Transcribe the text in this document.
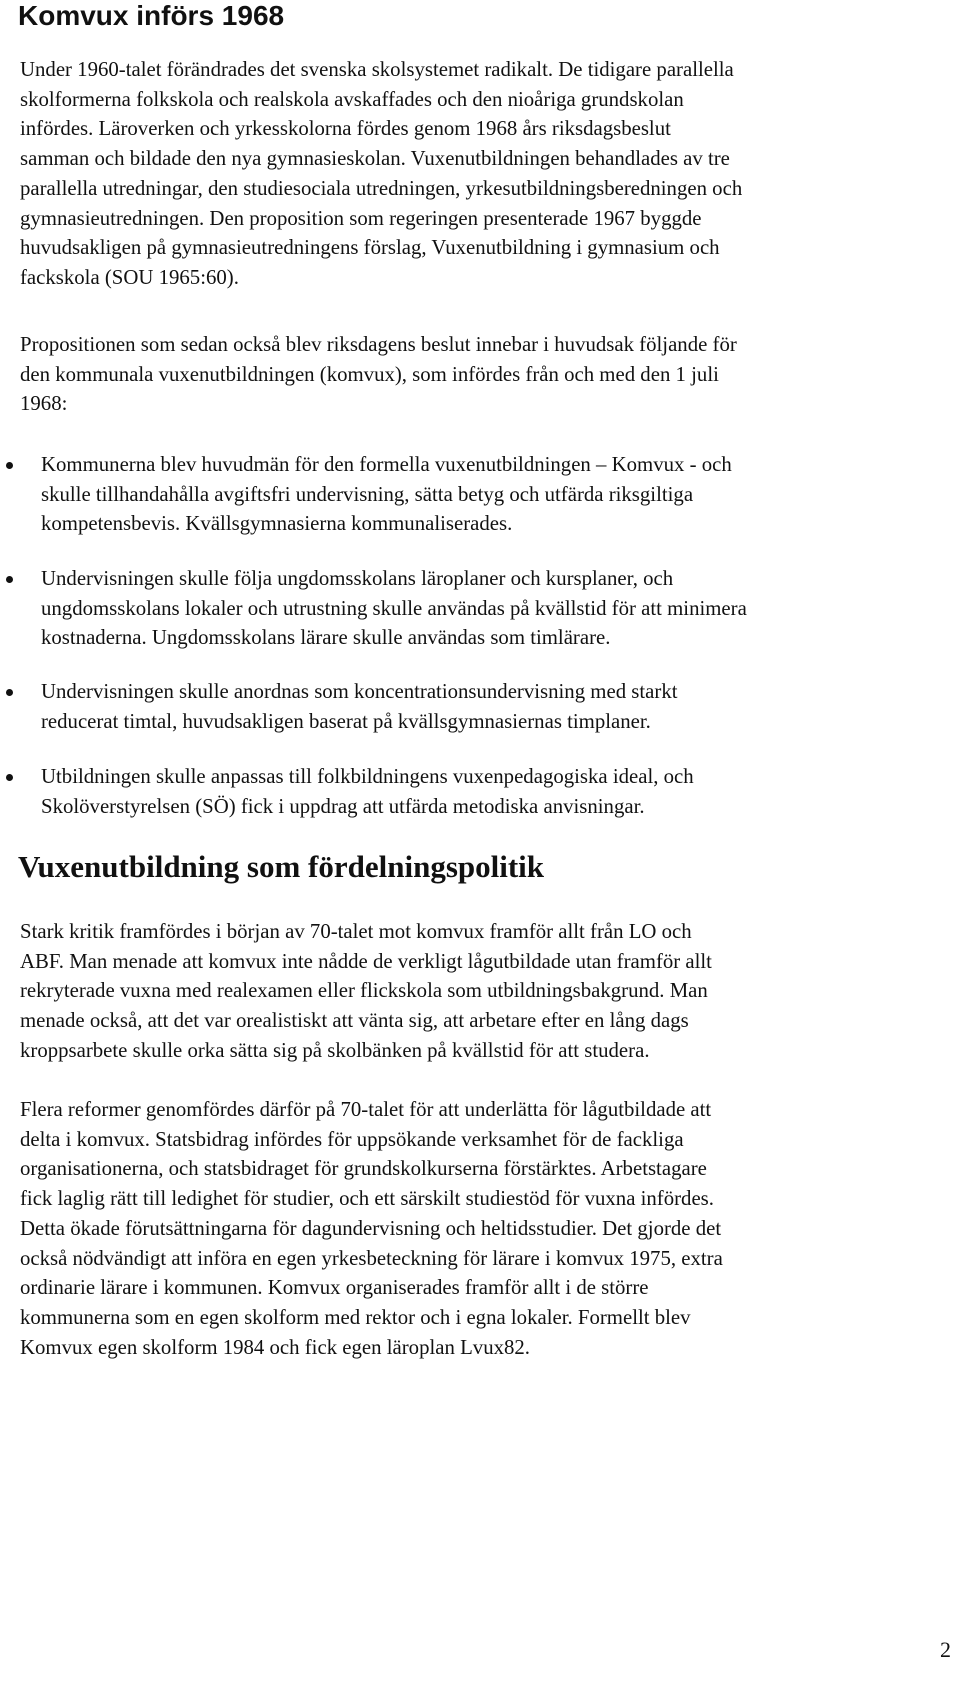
Komvux införs 1968

Under 1960-talet förändrades det svenska skolsystemet radikalt. De tidigare parallella
skolformerna folkskola och realskola avskaffades och den nioåriga grundskolan
infördes. Läroverken och yrkesskolorna fördes genom 1968 års riksdagsbeslut
samman och bildade den nya gymnasieskolan. Vuxenutbildningen behandlades av tre
parallella utredningar, den studiesociala utredningen, yrkesutbildningsberedningen och
gymnasieutredningen. Den proposition som regeringen presenterade 1967 byggde
huvudsakligen på gymnasieutredningens förslag, Vuxenutbildning i gymnasium och
fackskola (SOU 1965:60).

Propositionen som sedan också blev riksdagens beslut innebar i huvudsak följande för
den kommunala vuxenutbildningen (komvux), som infördes från och med den 1 juli
1968:

Kommunerna blev huvudmän för den formella vuxenutbildningen – Komvux - och
skulle tillhandahålla avgiftsfri undervisning, sätta betyg och utfärda riksgiltiga
kompetensbevis. Kvällsgymnasierna kommunaliserades.
Undervisningen skulle följa ungdomsskolans läroplaner och kursplaner, och
ungdomsskolans lokaler och utrustning skulle användas på kvällstid för att minimera
kostnaderna. Ungdomsskolans lärare skulle användas som timlärare.
Undervisningen skulle anordnas som koncentrationsundervisning med starkt
reducerat timtal, huvudsakligen baserat på kvällsgymnasiernas timplaner.
Utbildningen skulle anpassas till folkbildningens vuxenpedagogiska ideal, och
Skolöverstyrelsen (SÖ) fick i uppdrag att utfärda metodiska anvisningar.
Vuxenutbildning som fördelningspolitik

Stark kritik framfördes i början av 70-talet mot komvux framför allt från LO och
ABF. Man menade att komvux inte nådde de verkligt lågutbildade utan framför allt
rekryterade vuxna med realexamen eller flickskola som utbildningsbakgrund. Man
menade också, att det var orealistiskt att vänta sig, att arbetare efter en lång dags
kroppsarbete skulle orka sätta sig på skolbänken på kvällstid för att studera.

Flera reformer genomfördes därför på 70-talet för att underlätta för lågutbildade att
delta i komvux. Statsbidrag infördes för uppsökande verksamhet för de fackliga
organisationerna, och statsbidraget för grundskolkurserna förstärktes. Arbetstagare
fick laglig rätt till ledighet för studier, och ett särskilt studiestöd för vuxna infördes.
Detta ökade förutsättningarna för dagundervisning och heltidsstudier. Det gjorde det
också nödvändigt att införa en egen yrkesbeteckning för lärare i komvux 1975, extra
ordinarie lärare i kommunen. Komvux organiserades framför allt i de större
kommunerna som en egen skolform med rektor och i egna lokaler. Formellt blev
Komvux egen skolform 1984 och fick egen läroplan Lvux82.

2
